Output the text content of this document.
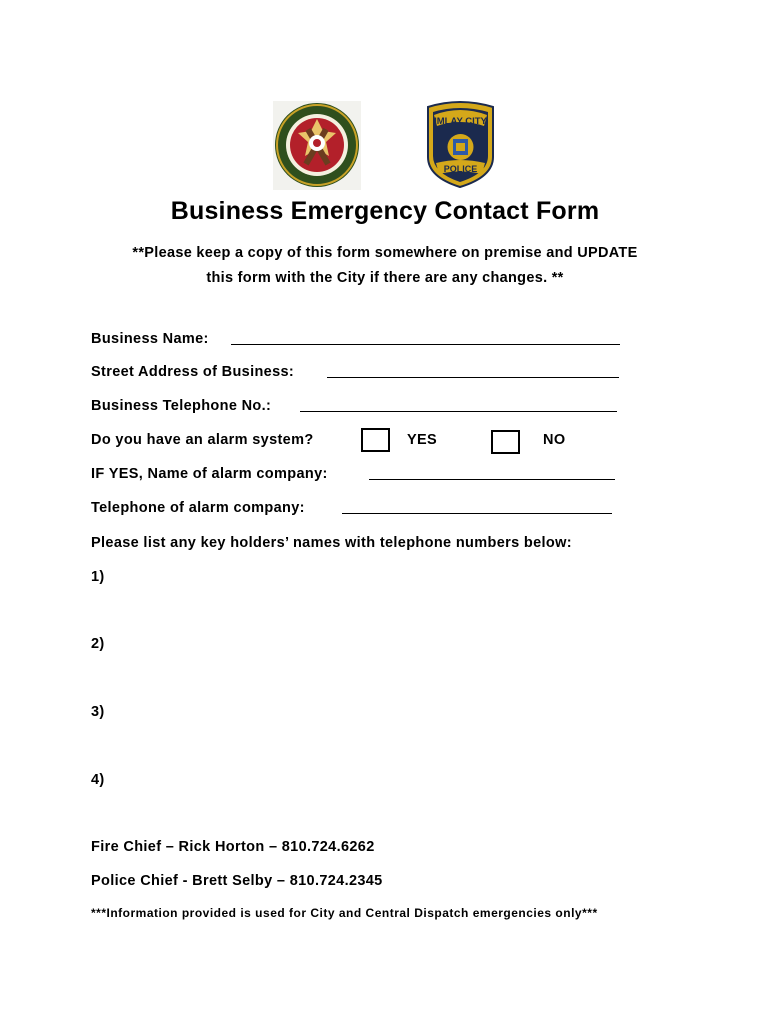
IMLAY CITY
POLICE
Business Emergency Contact Form
**Please keep a copy of this form somewhere on premise and UPDATE
this form with the City if there are any changes. **
Business Name:
Street Address of Business:
Business Telephone No.:
Do you have an alarm system?	YES	NO
IF YES, Name of alarm company:
Telephone of alarm company:
Please list any key holders’ names with telephone numbers below:
1)
2)
3)
4)
Fire Chief – Rick Horton – 810.724.6262
Police Chief - Brett Selby – 810.724.2345
***Information provided is used for City and Central Dispatch emergencies only***
